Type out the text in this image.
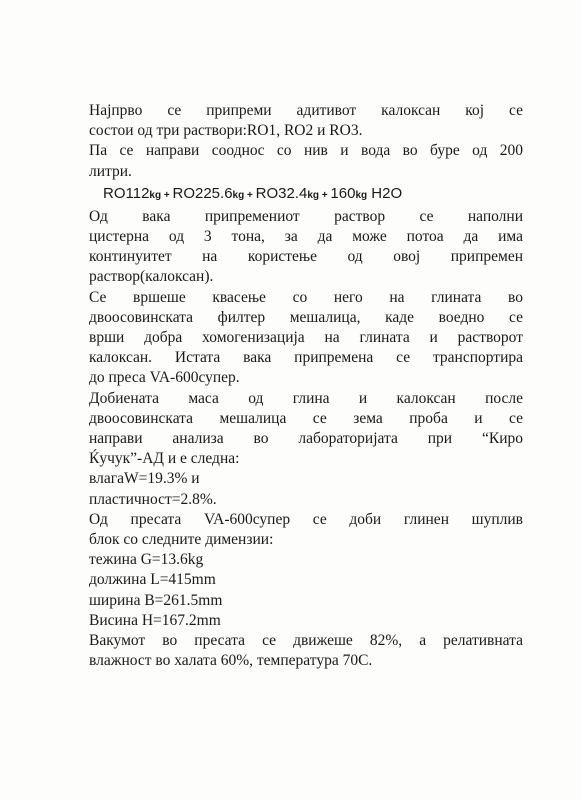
Најпрво се припреми адитивот калоксан кој се
состои од три раствори:RO1, RO2 и RO3.

Па се направи соодноc со нив и вода во буре од 200
литри.

RO112kg + RO225.6kg + RO32.4kg + 160kg H2O

Од вака припрeмениот раствор се наполни
цистерна од 3 тона, за да може потоа да има
континуитет на користење од овој припремен
раствор(калоксан).
Се вршеше квасење со него на глината во
двоосовинската филтер мешалица, каде воедно се
врши добра хомогенизација на глината и растворот
калоксан. Истата вака припремена се транспортира
до преса VA-600супер.
Добиената маса од глина и калоксан после
двоосовинската мешалица се зема проба и се
направи анализа во лабораторијата при “Киро
Ќучук”-АД и е следна:
влагаW=19.3% и
пластичност=2.8%.
Од пресата VA-600супер се доби глинен шуплив
блок со следните димензии:
тежина G=13.6kg
должина L=415mm
ширина B=261.5mm
Висина H=167.2mm
Вакумот во пресата се движеше 82%, а релативната
влажност во халата 60%, температура 70C.
